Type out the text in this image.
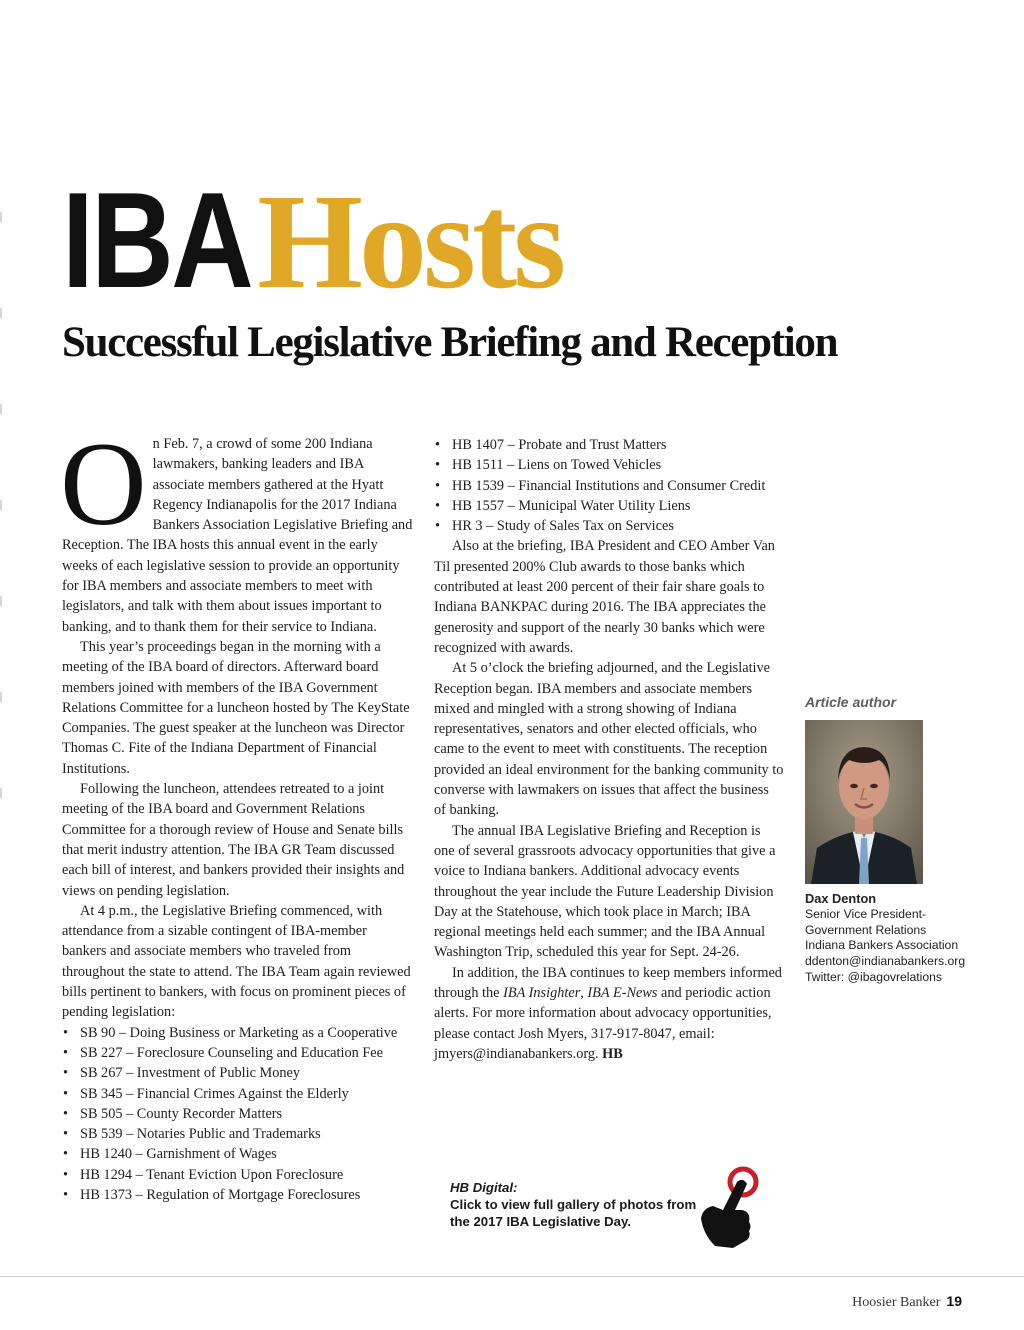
IBAHosts
Successful Legislative Briefing and Reception

On Feb. 7, a crowd of some 200 Indiana lawmakers, banking leaders and IBA associate members gathered at the Hyatt Regency Indianapolis for the 2017 Indiana Bankers Association Legislative Briefing and Reception. The IBA hosts this annual event in the early weeks of each legislative session to provide an opportunity for IBA members and associate members to meet with legislators, and talk with them about issues important to banking, and to thank them for their service to Indiana.

This year’s proceedings began in the morning with a meeting of the IBA board of directors. Afterward board members joined with members of the IBA Government Relations Committee for a luncheon hosted by The KeyState Companies. The guest speaker at the luncheon was Director Thomas C. Fite of the Indiana Department of Financial Institutions.

Following the luncheon, attendees retreated to a joint meeting of the IBA board and Government Relations Committee for a thorough review of House and Senate bills that merit industry attention. The IBA GR Team discussed each bill of interest, and bankers provided their insights and views on pending legislation.

At 4 p.m., the Legislative Briefing commenced, with attendance from a sizable contingent of IBA-member bankers and associate members who traveled from throughout the state to attend. The IBA Team again reviewed bills pertinent to bankers, with focus on prominent pieces of pending legislation:

• SB 90 – Doing Business or Marketing as a Cooperative
• SB 227 – Foreclosure Counseling and Education Fee
• SB 267 – Investment of Public Money
• SB 345 – Financial Crimes Against the Elderly
• SB 505 – County Recorder Matters
• SB 539 – Notaries Public and Trademarks
• HB 1240 – Garnishment of Wages
• HB 1294 – Tenant Eviction Upon Foreclosure
• HB 1373 – Regulation of Mortgage Foreclosures
• HB 1407 – Probate and Trust Matters
• HB 1511 – Liens on Towed Vehicles
• HB 1539 – Financial Institutions and Consumer Credit
• HB 1557 – Municipal Water Utility Liens
• HR 3 – Study of Sales Tax on Services

Also at the briefing, IBA President and CEO Amber Van Til presented 200% Club awards to those banks which contributed at least 200 percent of their fair share goals to Indiana BANKPAC during 2016. The IBA appreciates the generosity and support of the nearly 30 banks which were recognized with awards.

At 5 o’clock the briefing adjourned, and the Legislative Reception began. IBA members and associate members mixed and mingled with a strong showing of Indiana representatives, senators and other elected officials, who came to the event to meet with constituents. The reception provided an ideal environment for the banking community to converse with lawmakers on issues that affect the business of banking.

The annual IBA Legislative Briefing and Reception is one of several grassroots advocacy opportunities that give a voice to Indiana bankers. Additional advocacy events throughout the year include the Future Leadership Division Day at the Statehouse, which took place in March; IBA regional meetings held each summer; and the IBA Annual Washington Trip, scheduled this year for Sept. 24-26.

In addition, the IBA continues to keep members informed through the IBA Insighter, IBA E-News and periodic action alerts. For more information about advocacy opportunities, please contact Josh Myers, 317-917-8047, email: jmyers@indianabankers.org. HB

Article author

Dax Denton
Senior Vice President-
Government Relations
Indiana Bankers Association
ddenton@indianabankers.org
Twitter: @ibagovrelations
HB Digital:
Click to view full gallery of photos from the 2017 IBA Legislative Day.
Hoosier Banker 19
